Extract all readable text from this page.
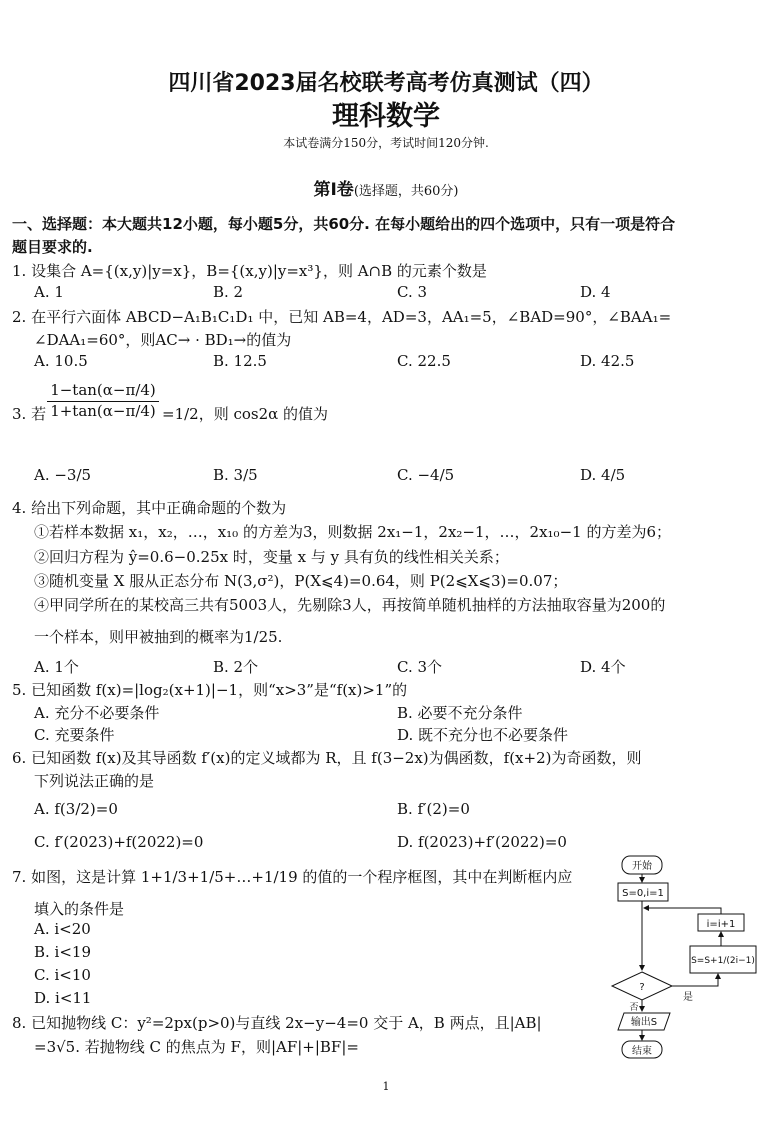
四川省2023届名校联考高考仿真测试（四）
理科数学
本试卷满分150分，考试时间120分钟.
第Ⅰ卷(选择题，共60分)
一、选择题：本大题共12小题，每小题5分，共60分. 在每小题给出的四个选项中，只有一项是符合
题目要求的.
1. 设集合 A={(x,y)|y=x}，B={(x,y)|y=x³}，则 A∩B 的元素个数是
A. 1	B. 2	C. 3	D. 4
2. 在平行六面体 ABCD−A₁B₁C₁D₁ 中，已知 AB=4，AD=3，AA₁=5，∠BAD=90°，∠BAA₁=
∠DAA₁=60°，则AC→ · BD₁→的值为
A. 10.5	B. 12.5	C. 22.5	D. 42.5
3. 若 $\frac{1-\tan(\alpha-\pi/4)}{1+\tan(\alpha-\pi/4)} =1/2$，则 cos2α 的值为
A. −3/5	B. 3/5	C. −4/5	D. 4/5
4. 给出下列命题，其中正确命题的个数为
①若样本数据 x₁，x₂，…，x₁₀ 的方差为3，则数据 2x₁−1，2x₂−1，…，2x₁₀−1 的方差为6；
②回归方程为 ŷ=0.6−0.25x 时，变量 x 与 y 具有负的线性相关关系；
③随机变量 X 服从正态分布 N(3,σ²)，P(X⩽4)=0.64，则 P(2⩽X⩽3)=0.07；
④甲同学所在的某校高三共有5003人，先剔除3人，再按简单随机抽样的方法抽取容量为200的
一个样本，则甲被抽到的概率为1/25.
A. 1个	B. 2个	C. 3个	D. 4个
5. 已知函数 f(x)=|log₂(x+1)|−1，则“x>3”是“f(x)>1”的
A. 充分不必要条件	B. 必要不充分条件
C. 充要条件	D. 既不充分也不必要条件
6. 已知函数 f(x)及其导函数 f′(x)的定义域都为 R，且 f(3−2x)为偶函数，f(x+2)为奇函数，则
下列说法正确的是
A. f(3/2)=0	B. f′(2)=0
C. f′(2023)+f(2022)=0	D. f(2023)+f′(2022)=0
7. 如图，这是计算 1+1/3+1/5+…+1/19 的值的一个程序框图，其中在判断框内应
填入的条件是
A. i<20
B. i<19
C. i<10
D. i<11
8. 已知抛物线 C：y²=2px(p>0)与直线 2x−y−4=0 交于 A，B 两点，且|AB|
=3√5. 若抛物线 C 的焦点为 F，则|AF|+|BF|=
开始
S=0,i=1
i=i+1
S=S+1/(2i−1)
?
是
否
输出S
结束
1
